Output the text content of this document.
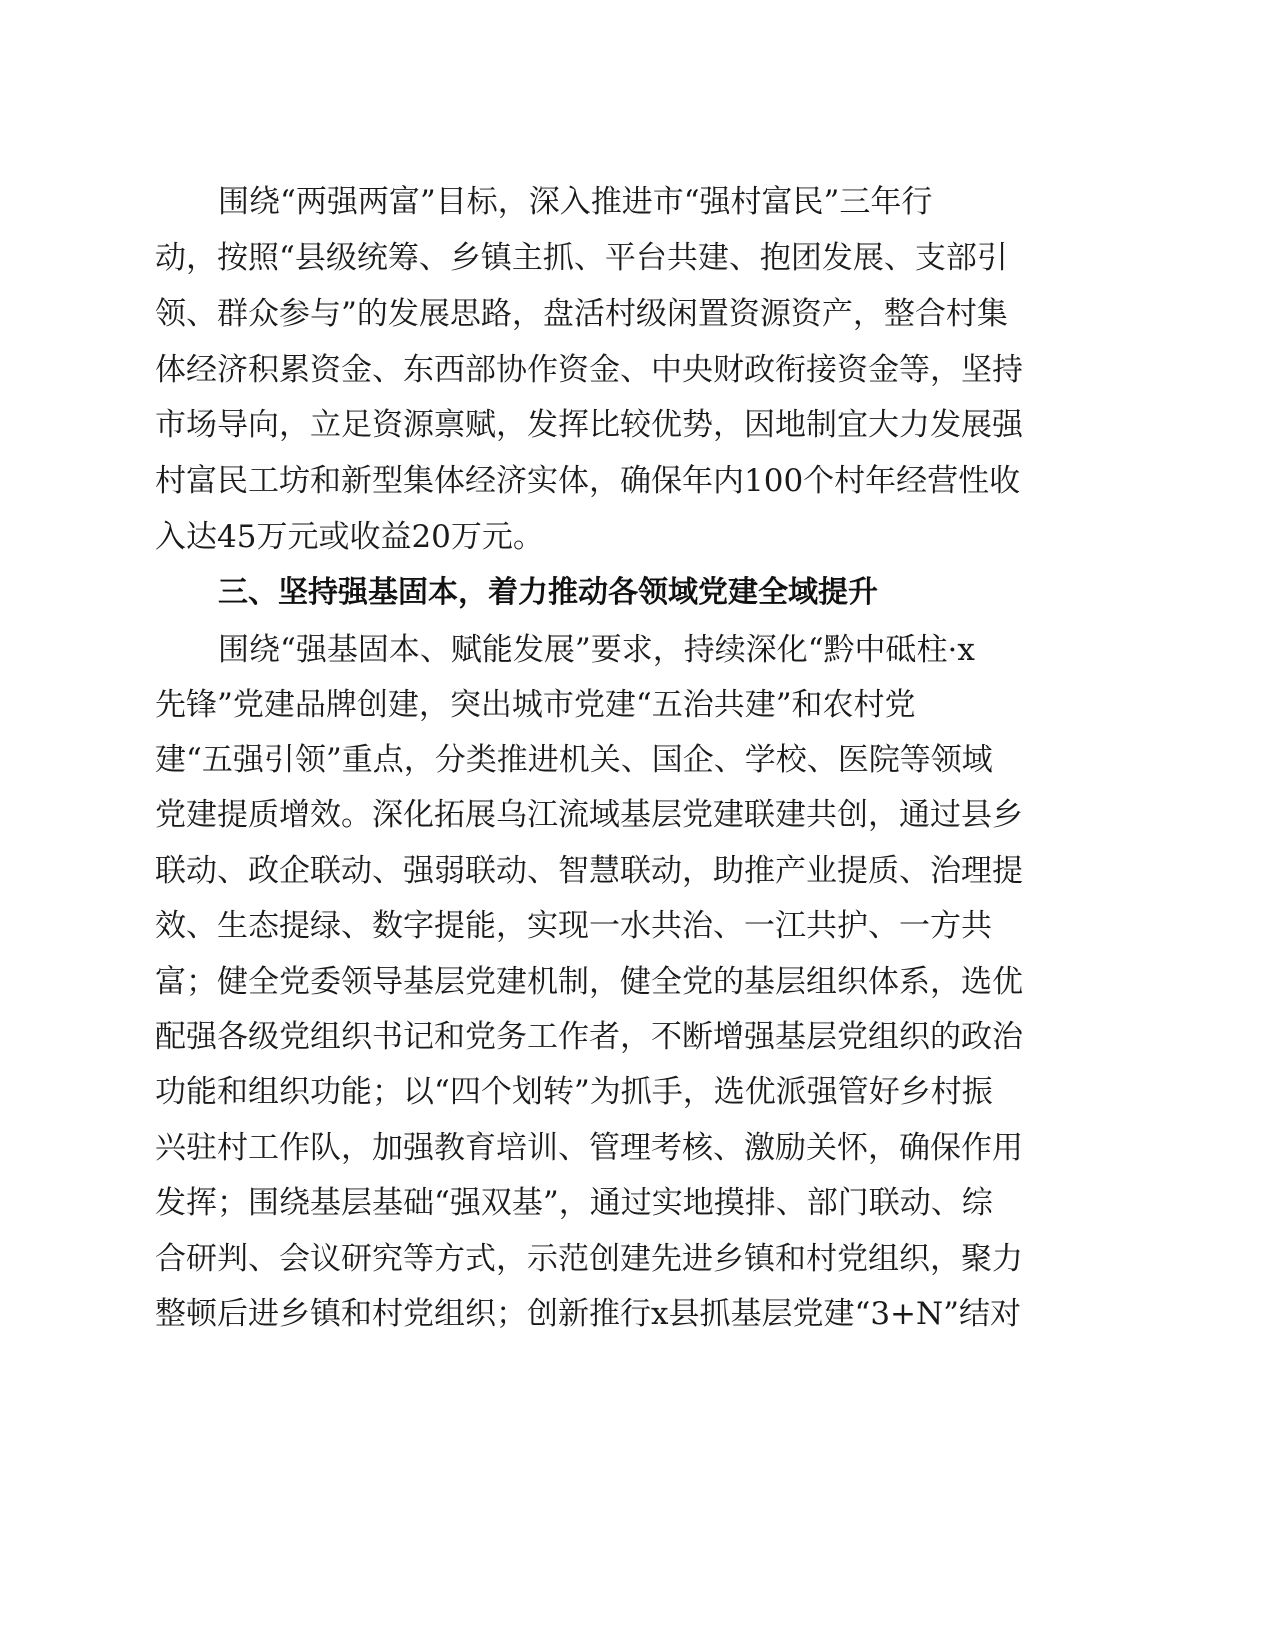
围绕“两强两富”目标，深入推进市“强村富民”三年行
动，按照“县级统筹、乡镇主抓、平台共建、抱团发展、支部引
领、群众参与”的发展思路，盘活村级闲置资源资产，整合村集
体经济积累资金、东西部协作资金、中央财政衔接资金等，坚持
市场导向，立足资源禀赋，发挥比较优势，因地制宜大力发展强
村富民工坊和新型集体经济实体，确保年内100个村年经营性收
入达45万元或收益20万元。
三、坚持强基固本，着力推动各领域党建全域提升
围绕“强基固本、赋能发展”要求，持续深化“黔中砥柱·x
先锋”党建品牌创建，突出城市党建“五治共建”和农村党
建“五强引领”重点，分类推进机关、国企、学校、医院等领域
党建提质增效。深化拓展乌江流域基层党建联建共创，通过县乡
联动、政企联动、强弱联动、智慧联动，助推产业提质、治理提
效、生态提绿、数字提能，实现一水共治、一江共护、一方共
富；健全党委领导基层党建机制，健全党的基层组织体系，选优
配强各级党组织书记和党务工作者，不断增强基层党组织的政治
功能和组织功能；以“四个划转”为抓手，选优派强管好乡村振
兴驻村工作队，加强教育培训、管理考核、激励关怀，确保作用
发挥；围绕基层基础“强双基”，通过实地摸排、部门联动、综
合研判、会议研究等方式，示范创建先进乡镇和村党组织，聚力
整顿后进乡镇和村党组织；创新推行x县抓基层党建“3+N”结对
